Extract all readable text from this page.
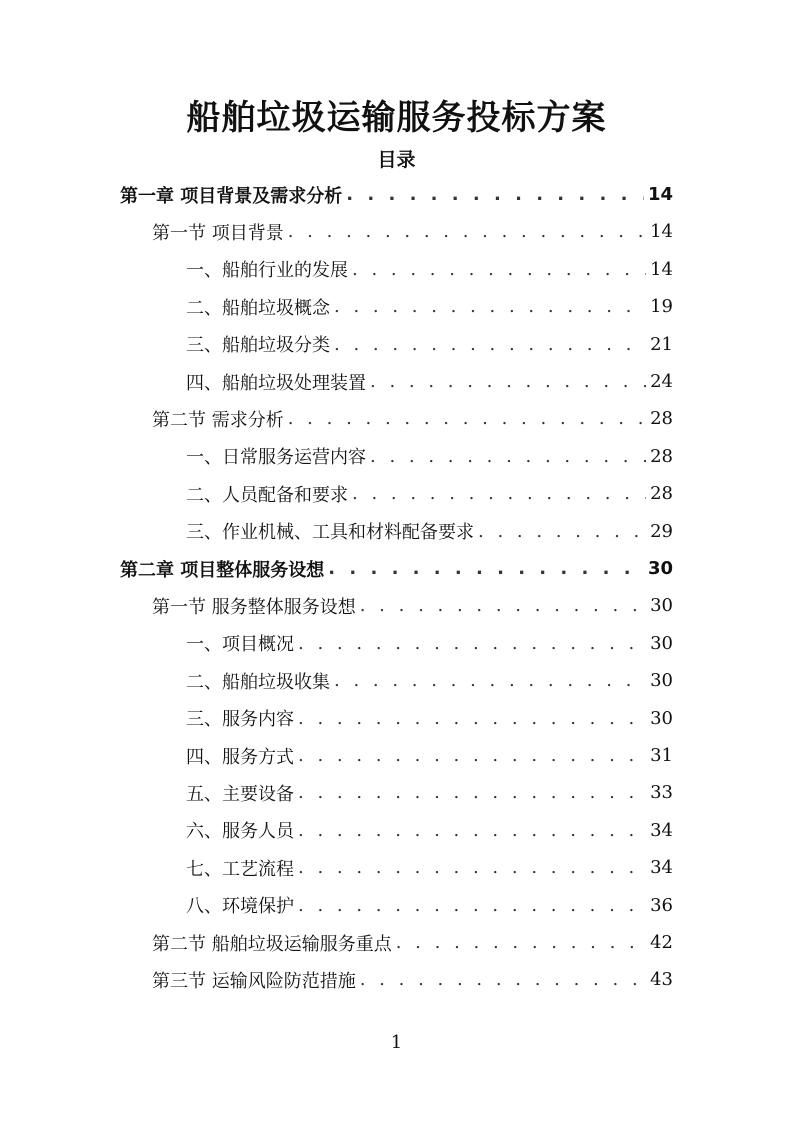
船舶垃圾运输服务投标方案
目录
第一章 项目背景及需求分析 . . .	14
第一节 项目背景 . . .	14
一、船舶行业的发展 . . .	14
二、船舶垃圾概念 . . .	19
三、船舶垃圾分类 . . .	21
四、船舶垃圾处理装置 . . .	24
第二节 需求分析 . . .	28
一、日常服务运营内容 . . .	28
二、人员配备和要求 . . .	28
三、作业机械、工具和材料配备要求 . . .	29
第二章 项目整体服务设想 . . .	30
第一节 服务整体服务设想 . . .	30
一、项目概况 . . .	30
二、船舶垃圾收集 . . .	30
三、服务内容 . . .	30
四、服务方式 . . .	31
五、主要设备 . . .	33
六、服务人员 . . .	34
七、工艺流程 . . .	34
八、环境保护 . . .	36
第二节 船舶垃圾运输服务重点 . . .	42
第三节 运输风险防范措施 . . .	43
1
